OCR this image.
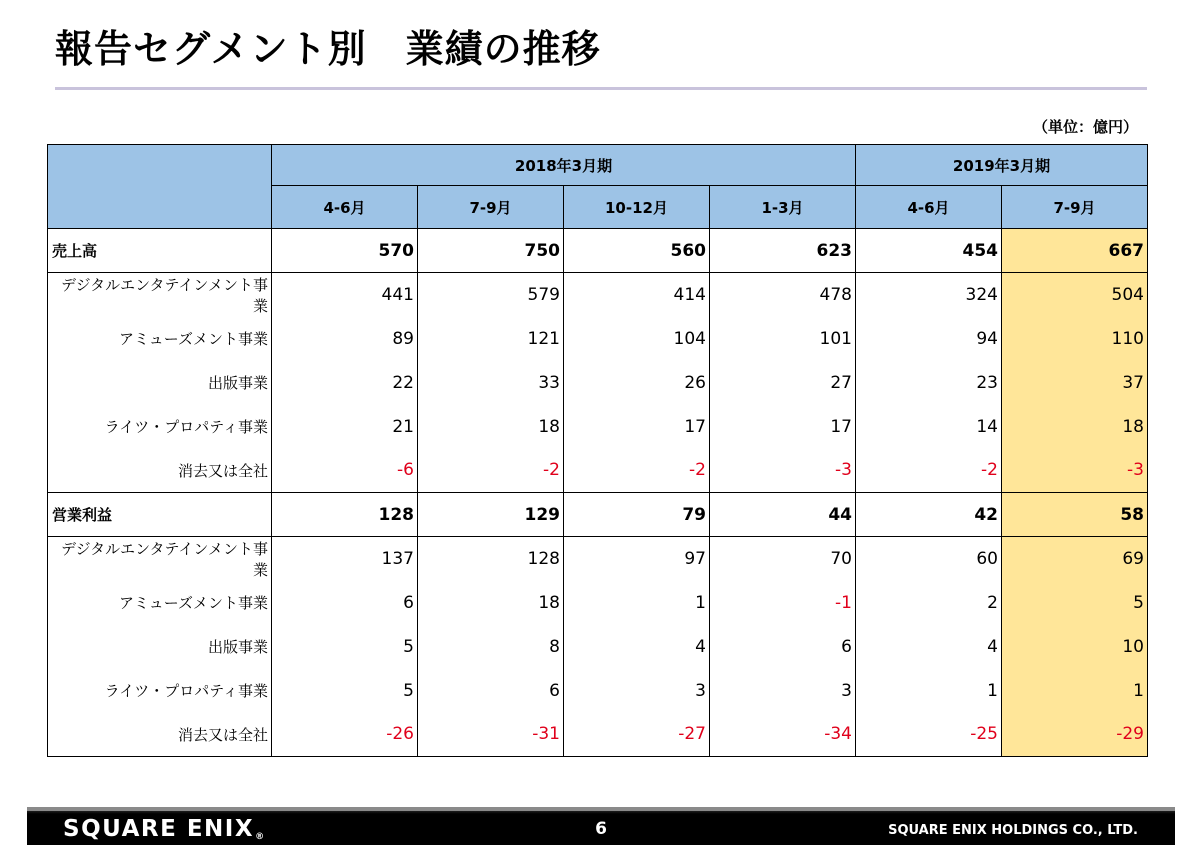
報告セグメント別　業績の推移
（単位：億円）
	2018年3月期				2019年3月期	
	4-6月	7-9月	10-12月	1-3月	4-6月	7-9月
売上高	570	750	560	623	454	667
デジタルエンタテインメント事業	441	579	414	478	324	504
アミューズメント事業	89	121	104	101	94	110
出版事業	22	33	26	27	23	37
ライツ・プロパティ事業	21	18	17	17	14	18
消去又は全社	-6	-2	-2	-3	-2	-3
営業利益	128	129	79	44	42	58
デジタルエンタテインメント事業	137	128	97	70	60	69
アミューズメント事業	6	18	1	-1	2	5
出版事業	5	8	4	6	4	10
ライツ・プロパティ事業	5	6	3	3	1	1
消去又は全社	-26	-31	-27	-34	-25	-29
SQUARE ENIX®	6	SQUARE ENIX HOLDINGS CO., LTD.
